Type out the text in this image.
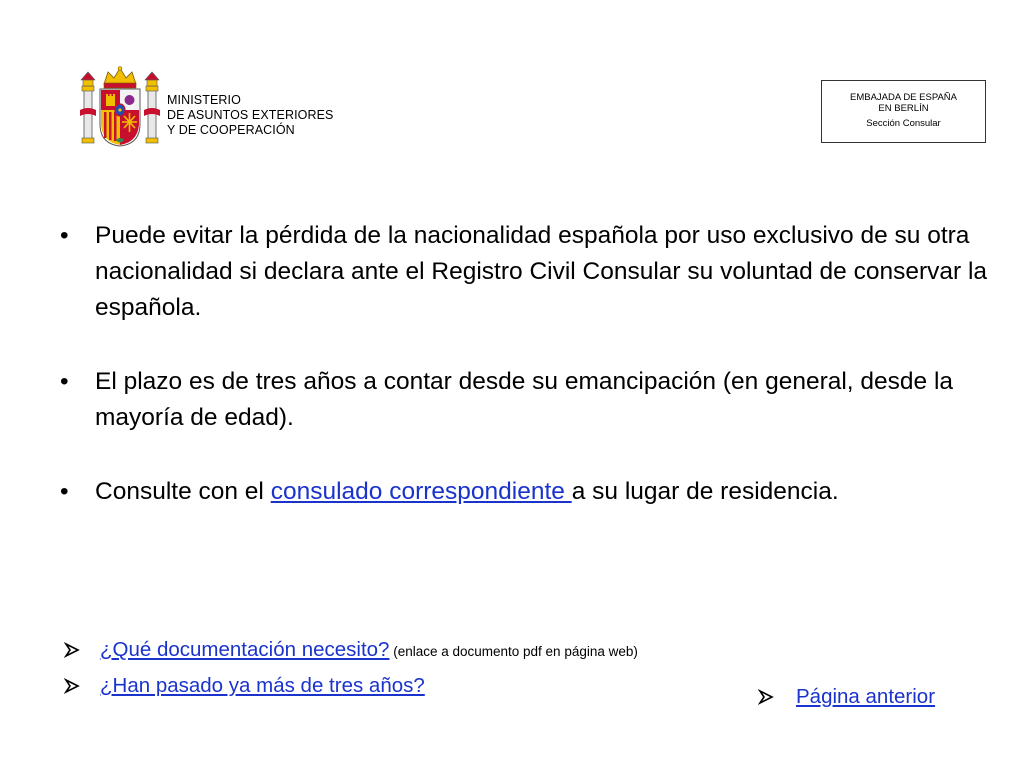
MINISTERIO
DE ASUNTOS EXTERIORES
Y DE COOPERACIÓN
EMBAJADA DE ESPAÑA
EN BERLÍN
Sección Consular
• Puede evitar la pérdida de la nacionalidad española por uso exclusivo de su otra nacionalidad si declara ante el Registro Civil Consular su voluntad de conservar la española.
• El plazo es de tres años a contar desde su emancipación (en general, desde la mayoría de edad).
• Consulte con el consulado correspondiente a su lugar de residencia.
¿Qué documentación necesito? (enlace a documento pdf en página web)
¿Han pasado ya más de tres años?	Página anterior
